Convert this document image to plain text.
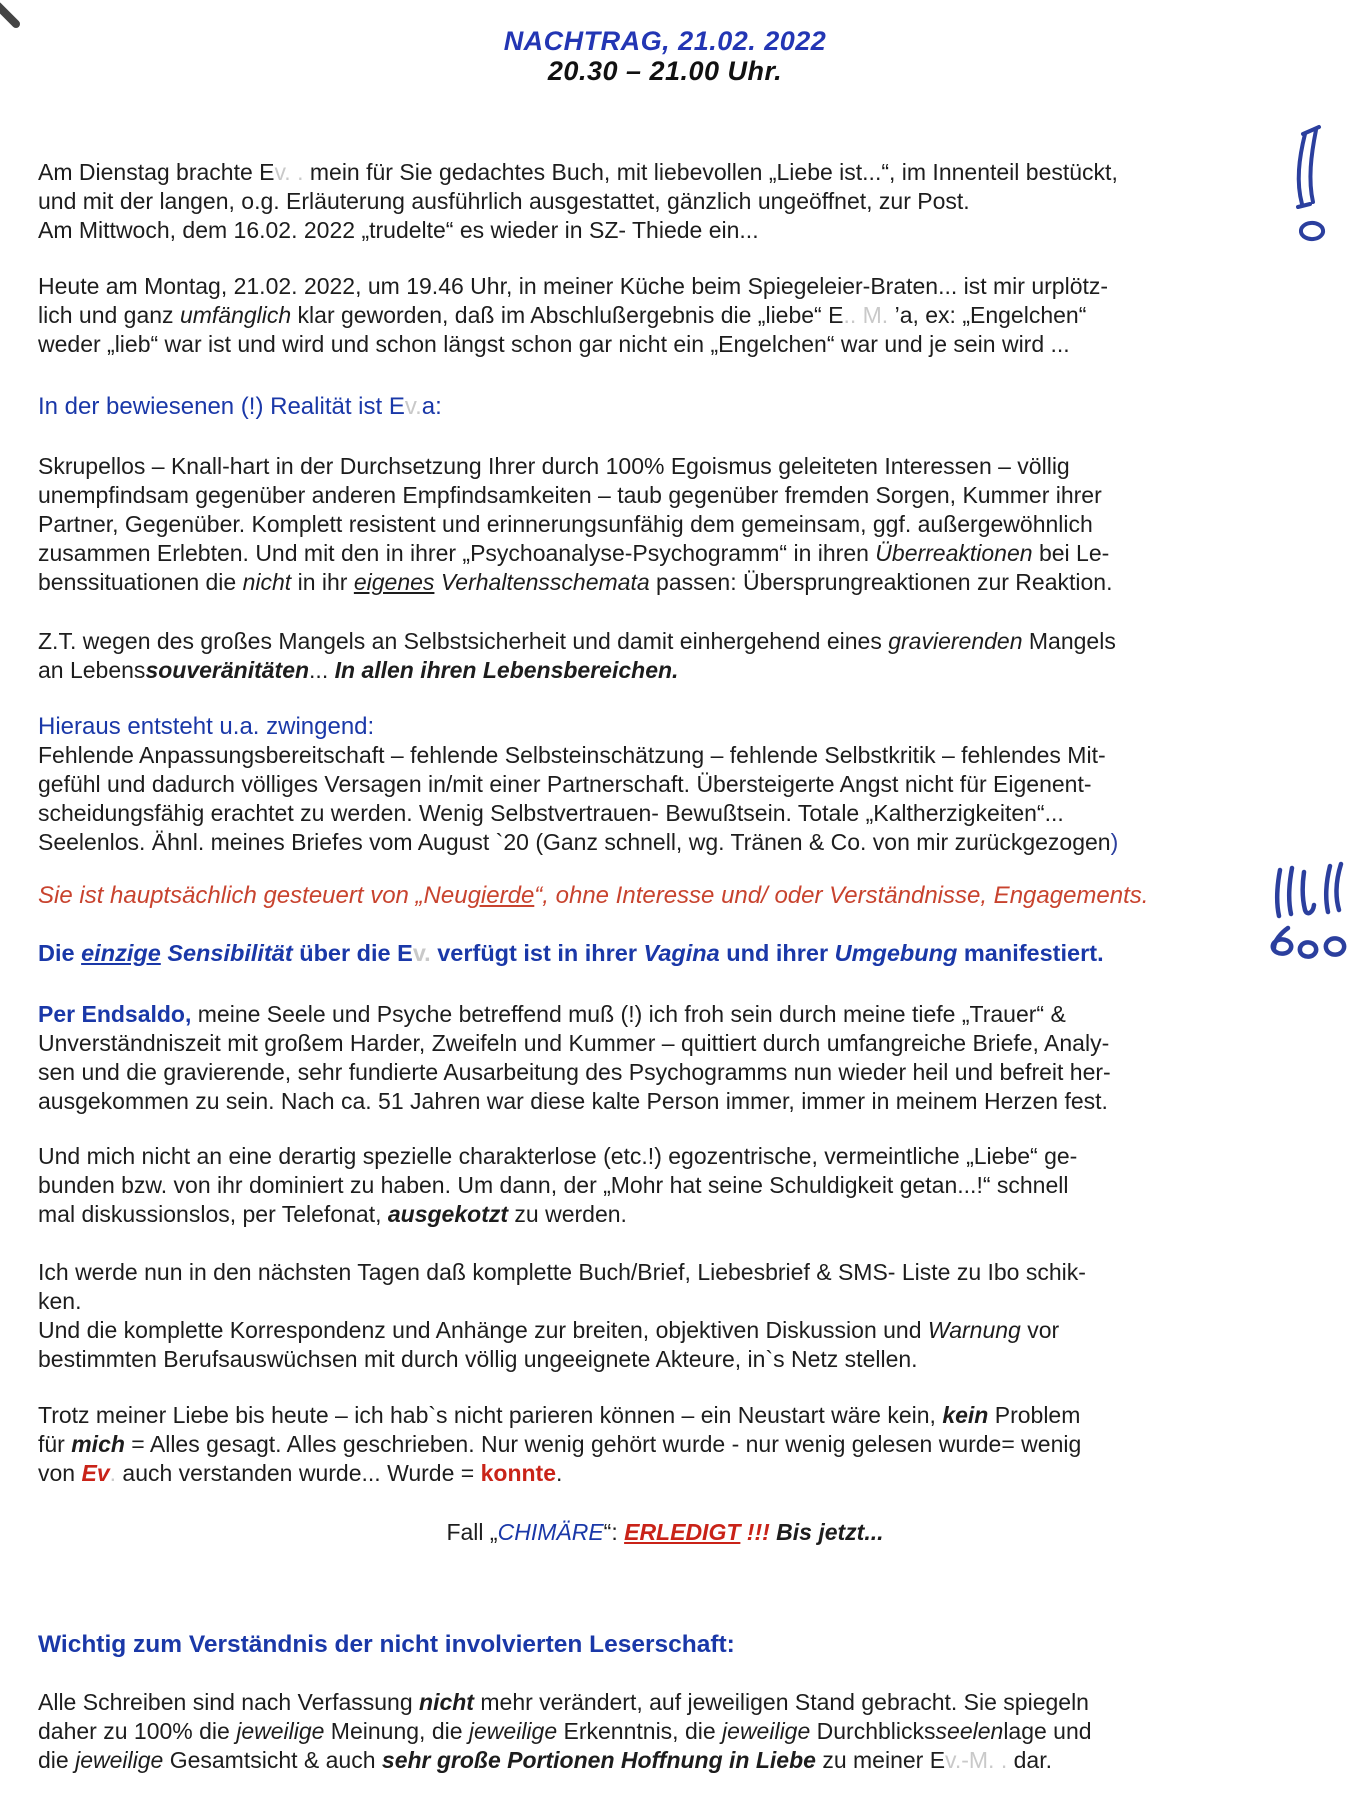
NACHTRAG, 21.02. 2022
20.30 – 21.00 Uhr.
Am Dienstag brachte Ev. . mein für Sie gedachtes Buch, mit liebevollen „Liebe ist...“, im Innenteil bestückt,
und mit der langen, o.g. Erläuterung ausführlich ausgestattet, gänzlich ungeöffnet, zur Post.
Am Mittwoch, dem 16.02. 2022 „trudelte“ es wieder in SZ- Thiede ein...
Heute am Montag, 21.02. 2022, um 19.46 Uhr, in meiner Küche beim Spiegeleier-Braten... ist mir urplötz-
lich und ganz umfänglich klar geworden, daß im Abschlußergebnis die „liebe“ E.. M. ’a, ex: „Engelchen“
weder „lieb“ war ist und wird und schon längst schon gar nicht ein „Engelchen“ war und je sein wird ...
In der bewiesenen (!) Realität ist Ev.a:
Skrupellos – Knall-hart in der Durchsetzung Ihrer durch 100% Egoismus geleiteten Interessen – völlig
unempfindsam gegenüber anderen Empfindsamkeiten – taub gegenüber fremden Sorgen, Kummer ihrer
Partner, Gegenüber. Komplett resistent und erinnerungsunfähig dem gemeinsam, ggf. außergewöhnlich
zusammen Erlebten. Und mit den in ihrer „Psychoanalyse-Psychogramm“ in ihren Überreaktionen bei Le-
benssituationen die nicht in ihr eigenes Verhaltensschemata passen: Übersprungreaktionen zur Reaktion.
Z.T. wegen des großes Mangels an Selbstsicherheit und damit einhergehend eines gravierenden Mangels
an Lebenssouveränitäten... In allen ihren Lebensbereichen.
Hieraus entsteht u.a. zwingend:
Fehlende Anpassungsbereitschaft – fehlende Selbsteinschätzung – fehlende Selbstkritik – fehlendes Mit-
gefühl und dadurch völliges Versagen in/mit einer Partnerschaft. Übersteigerte Angst nicht für Eigenent-
scheidungsfähig erachtet zu werden. Wenig Selbstvertrauen- Bewußtsein. Totale „Kaltherzigkeiten“...
Seelenlos. Ähnl. meines Briefes vom August `20 (Ganz schnell, wg. Tränen & Co. von mir zurückgezogen)
Sie ist hauptsächlich gesteuert von „Neugierde“, ohne Interesse und/ oder Verständnisse, Engagements.
Die einzige Sensibilität über die Ev. verfügt ist in ihrer Vagina und ihrer Umgebung manifestiert.
Per Endsaldo, meine Seele und Psyche betreffend muß (!) ich froh sein durch meine tiefe „Trauer“ &
Unverständniszeit mit großem Harder, Zweifeln und Kummer – quittiert durch umfangreiche Briefe, Analy-
sen und die gravierende, sehr fundierte Ausarbeitung des Psychogramms nun wieder heil und befreit her-
ausgekommen zu sein. Nach ca. 51 Jahren war diese kalte Person immer, immer in meinem Herzen fest.
Und mich nicht an eine derartig spezielle charakterlose (etc.!) egozentrische, vermeintliche „Liebe“ ge-
bunden bzw. von ihr dominiert zu haben. Um dann, der „Mohr hat seine Schuldigkeit getan...!“ schnell
mal diskussionslos, per Telefonat, ausgekotzt zu werden.
Ich werde nun in den nächsten Tagen daß komplette Buch/Brief, Liebesbrief & SMS- Liste zu Ibo schik-
ken.
Und die komplette Korrespondenz und Anhänge zur breiten, objektiven Diskussion und Warnung vor
bestimmten Berufsauswüchsen mit durch völlig ungeeignete Akteure, in`s Netz stellen.
Trotz meiner Liebe bis heute – ich hab`s nicht parieren können – ein Neustart wäre kein, kein Problem
für mich = Alles gesagt. Alles geschrieben. Nur wenig gehört wurde - nur wenig gelesen wurde= wenig
von Ev. auch verstanden wurde... Wurde = konnte.
Fall „CHIMÄRE“: ERLEDIGT !!! Bis jetzt...
Wichtig zum Verständnis der nicht involvierten Leserschaft:
Alle Schreiben sind nach Verfassung nicht mehr verändert, auf jeweiligen Stand gebracht. Sie spiegeln
daher zu 100% die jeweilige Meinung, die jeweilige Erkenntnis, die jeweilige Durchblicksseelenlage und
die jeweilige Gesamtsicht & auch sehr große Portionen Hoffnung in Liebe zu meiner Ev.-M. . dar.
